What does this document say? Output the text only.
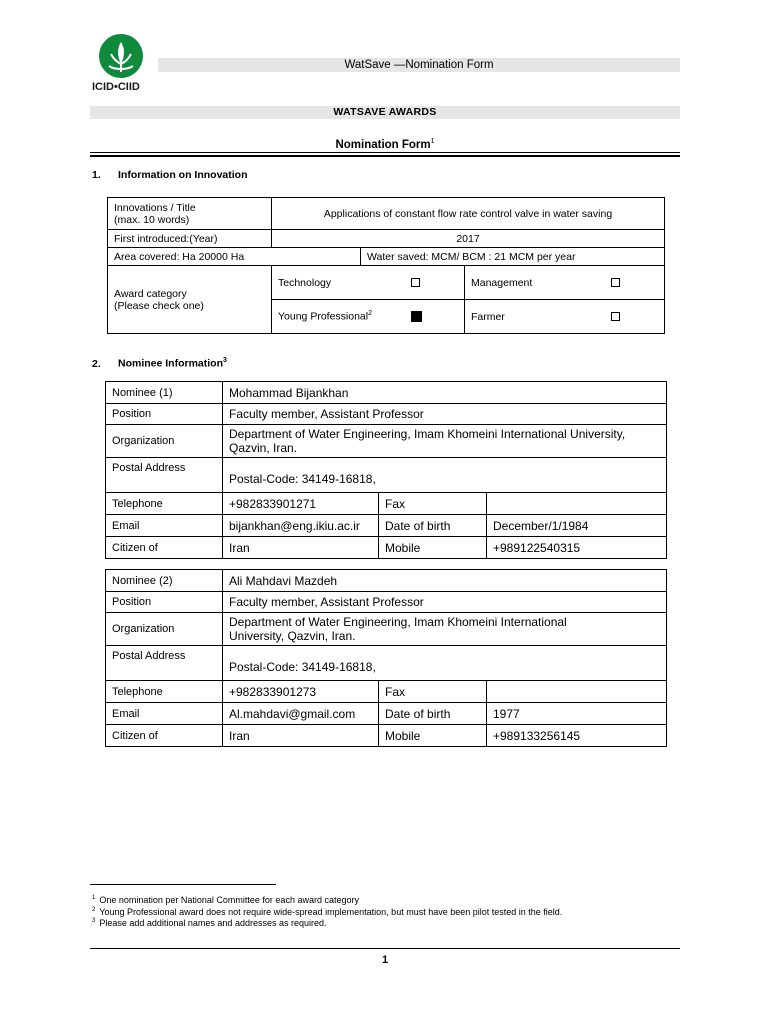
ICID•CIID
WatSave —Nomination Form
WATSAVE AWARDS
Nomination Form$^1$
1. Information on Innovation
Innovations / Title
(max. 10 words)	Applications of constant flow rate control valve in water saving		
First introduced:(Year)	2017		
Area covered: Ha 20000 Ha		Water saved: MCM/ BCM : 21 MCM per year	

Award category
(Please check one)	Technology		Management

	Young Professional$^2$		Farmer
2. Nominee Information$^3$
Nominee (1)	Mohammad Bijankhan		
Position	Faculty member, Assistant Professor		
Organization	Department of Water Engineering, Imam Khomeini International University,
Qazvin, Iran.		

Postal Address	Postal-Code: 34149-16818,		
Telephone	+982833901271	Fax	
Email	bijankhan@eng.ikiu.ac.ir	Date of birth	December/1/1984
Citizen of	Iran	Mobile	+989122540315
Nominee (2)	Ali Mahdavi Mazdeh		
Position	Faculty member, Assistant Professor		
Organization	Department of Water Engineering, Imam Khomeini International
University, Qazvin, Iran.		

Postal Address	Postal-Code: 34149-16818,		
Telephone	+982833901273	Fax	
Email	Al.mahdavi@gmail.com	Date of birth	1977
Citizen of	Iran	Mobile	+989133256145
$^1$ One nomination per National Committee for each award category
$^2$ Young Professional award does not require wide-spread implementation, but must have been pilot tested in the field.
$^3$ Please add additional names and addresses as required.
1
